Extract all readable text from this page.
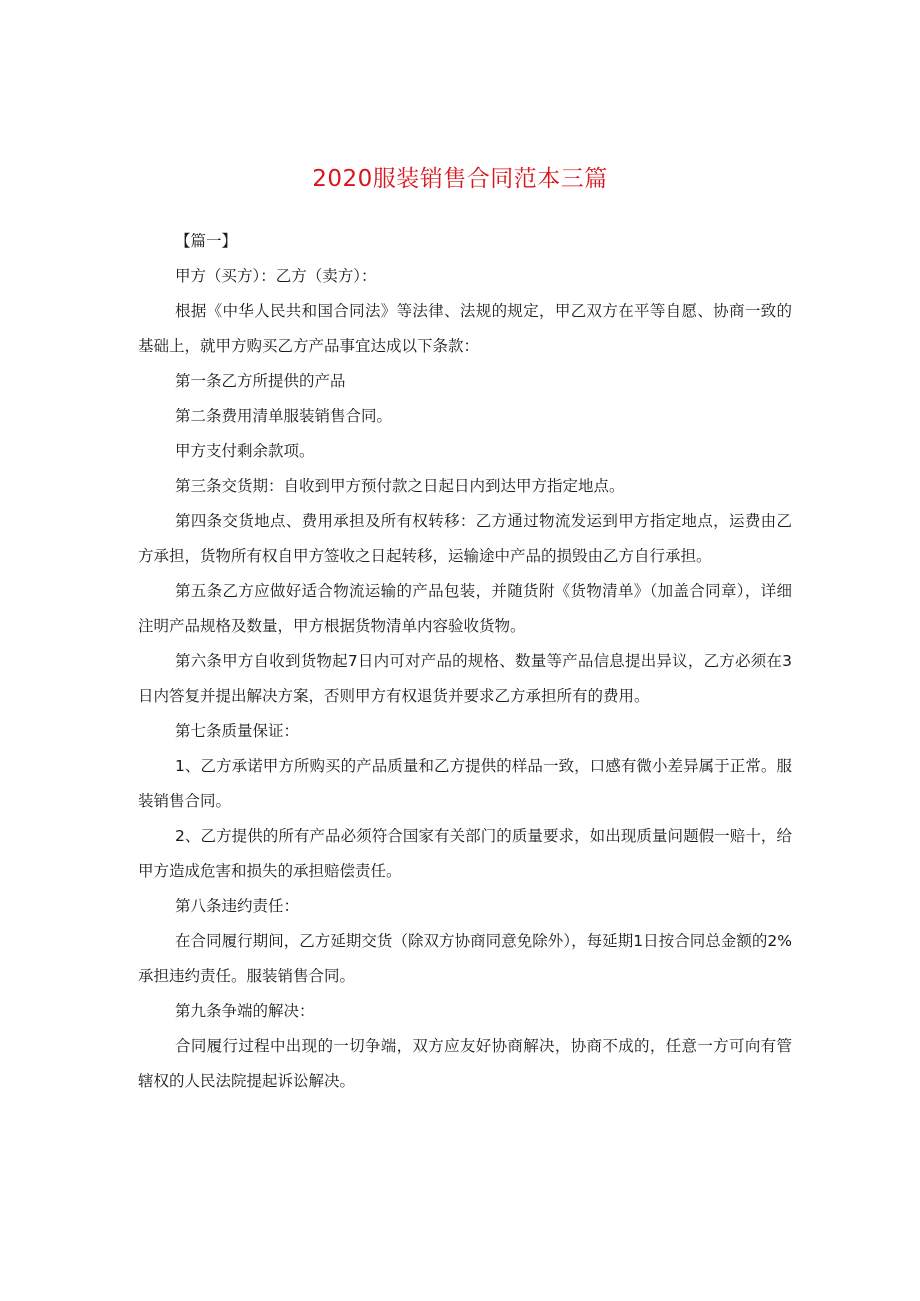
2020服装销售合同范本三篇

【篇一】

甲方（买方）：乙方（卖方）：

根据《中华人民共和国合同法》等法律、法规的规定，甲乙双方在平等自愿、协商一致的基础上，就甲方购买乙方产品事宜达成以下条款：

第一条乙方所提供的产品

第二条费用清单服装销售合同。

甲方支付剩余款项。

第三条交货期：自收到甲方预付款之日起日内到达甲方指定地点。

第四条交货地点、费用承担及所有权转移：乙方通过物流发运到甲方指定地点，运费由乙方承担，货物所有权自甲方签收之日起转移，运输途中产品的损毁由乙方自行承担。

第五条乙方应做好适合物流运输的产品包装，并随货附《货物清单》（加盖合同章），详细注明产品规格及数量，甲方根据货物清单内容验收货物。

第六条甲方自收到货物起7日内可对产品的规格、数量等产品信息提出异议，乙方必须在3日内答复并提出解决方案，否则甲方有权退货并要求乙方承担所有的费用。

第七条质量保证：

1、乙方承诺甲方所购买的产品质量和乙方提供的样品一致，口感有微小差异属于正常。服装销售合同。

2、乙方提供的所有产品必须符合国家有关部门的质量要求，如出现质量问题假一赔十，给甲方造成危害和损失的承担赔偿责任。

第八条违约责任：

在合同履行期间，乙方延期交货（除双方协商同意免除外），每延期1日按合同总金额的2%承担违约责任。服装销售合同。

第九条争端的解决：

合同履行过程中出现的一切争端，双方应友好协商解决，协商不成的，任意一方可向有管辖权的人民法院提起诉讼解决。
